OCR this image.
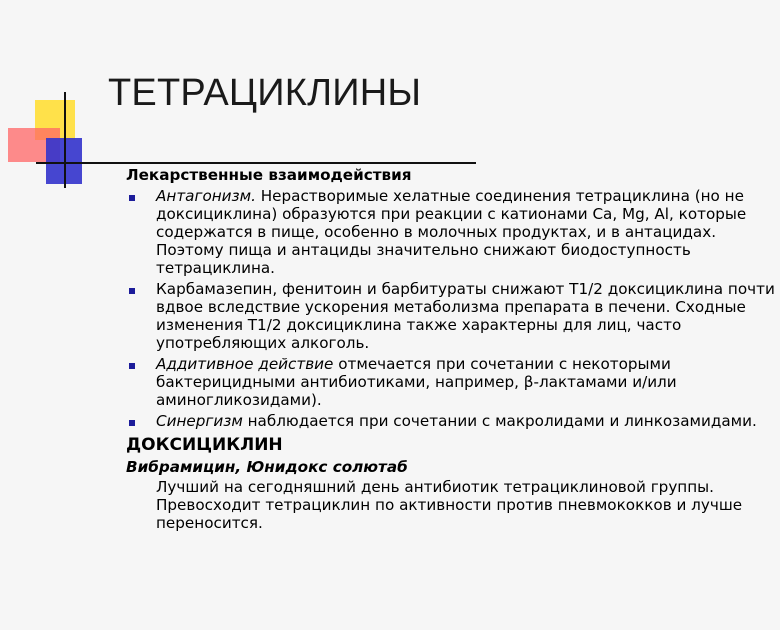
ТЕТРАЦИКЛИНЫ

Лекарственные взаимодействия

Антагонизм. Нерастворимые хелатные соединения тетрациклина (но не доксициклина) образуются при реакции с катионами Ca, Mg, Al, которые содержатся в пище, особенно в молочных продуктах, и в антацидах. Поэтому пища и антациды значительно снижают биодоступность тетрациклина.
Карбамазепин, фенитоин и барбитураты снижают T1/2 доксициклина почти вдвое вследствие ускорения метаболизма препарата в печени. Сходные изменения T1/2 доксициклина также характерны для лиц, часто употребляющих алкоголь.
Аддитивное действие отмечается при сочетании с некоторыми бактерицидными антибиотиками, например, β-лактамами и/или аминогликозидами).
Синергизм наблюдается при сочетании с макролидами и линкозамидами.
ДОКСИЦИКЛИН
Вибрамицин, Юнидокс солютаб
Лучший на сегодняшний день антибиотик тетрациклиновой группы. Превосходит тетрациклин по активности против пневмококков и лучше переносится.
